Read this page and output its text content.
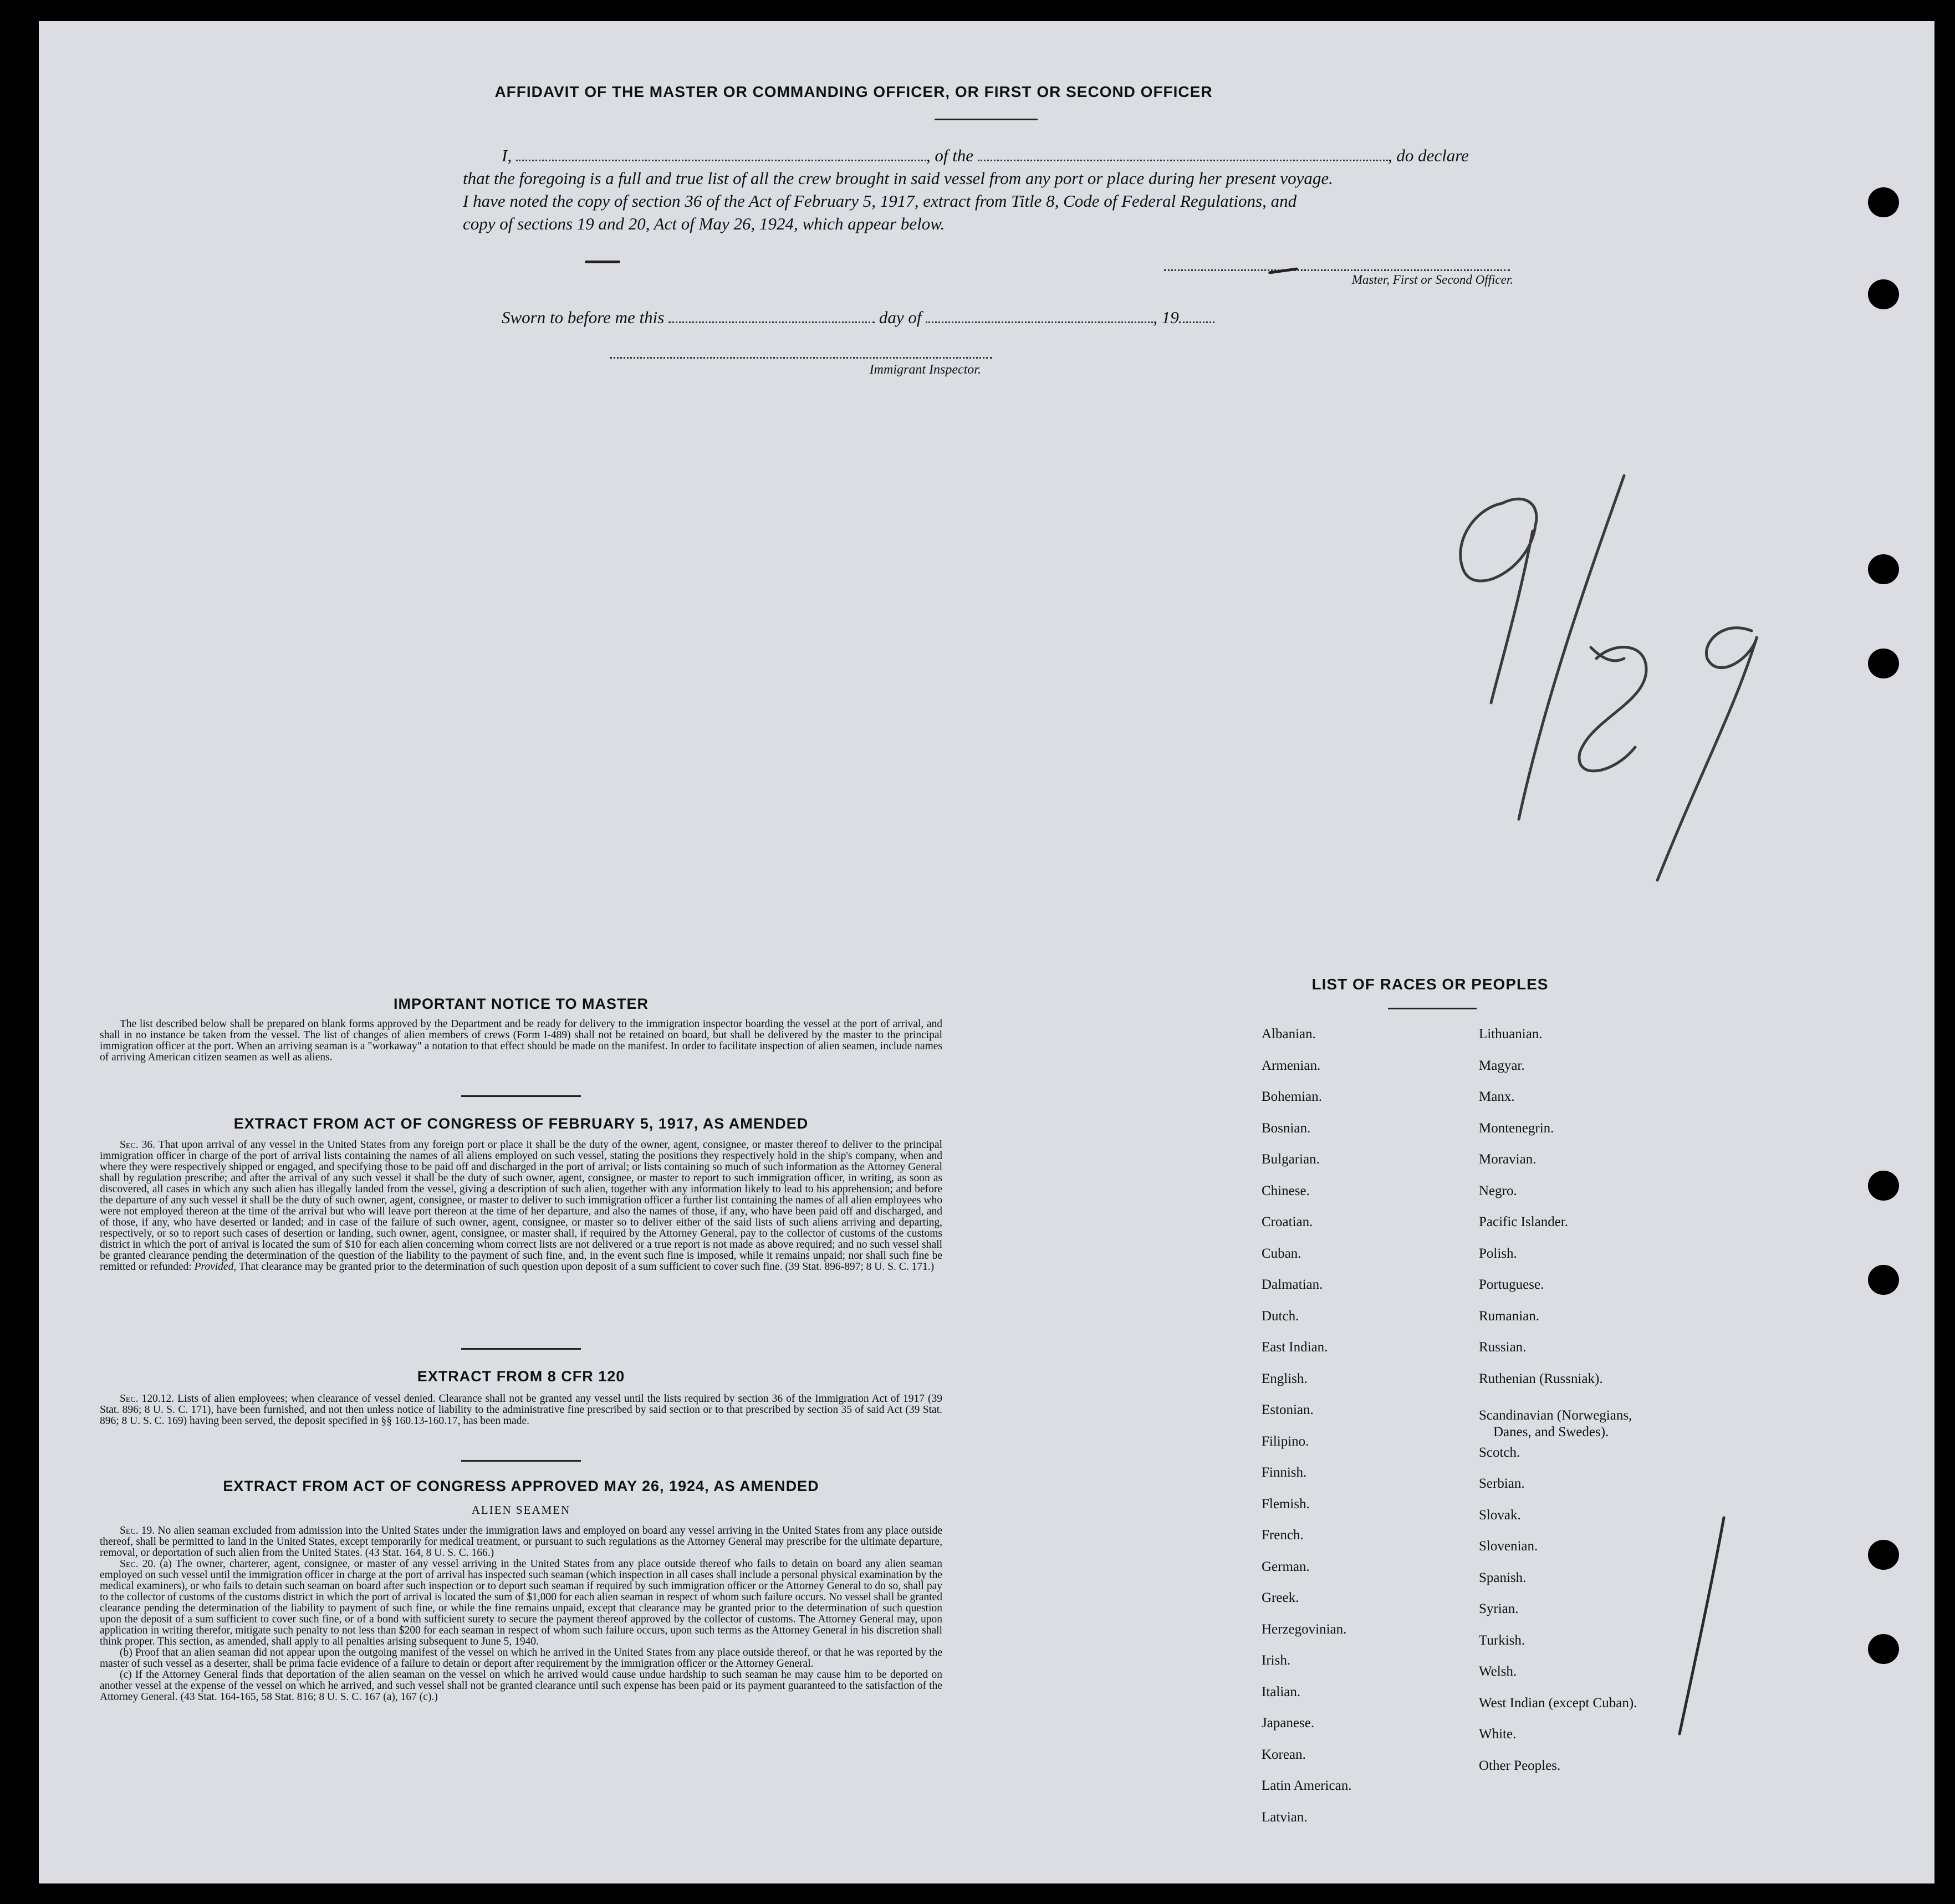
AFFIDAVIT OF THE MASTER OR COMMANDING OFFICER, OR FIRST OR SECOND OFFICER
I,	, of the	, do declare
that the foregoing is a full and true list of all the crew brought in said vessel from any port or place during her present voyage.
I have noted the copy of section 36 of the Act of February 5, 1917, extract from Title 8, Code of Federal Regulations, and
copy of sections 19 and 20, Act of May 26, 1924, which appear below.
Master, First or Second Officer.
Sworn to before me this	day of	, 19
Immigrant Inspector.
IMPORTANT NOTICE TO MASTER

The list described below shall be prepared on blank forms approved by the Department and be ready for delivery to the immigration inspector boarding the vessel at the port of arrival, and shall in no instance be taken from the vessel. The list of changes of alien members of crews (Form I-489) shall not be retained on board, but shall be delivered by the master to the principal immigration officer at the port. When an arriving seaman is a "workaway" a notation to that effect should be made on the manifest. In order to facilitate inspection of alien seamen, include names of arriving American citizen seamen as well as aliens.

EXTRACT FROM ACT OF CONGRESS OF FEBRUARY 5, 1917, AS AMENDED

Sec. 36. That upon arrival of any vessel in the United States from any foreign port or place it shall be the duty of the owner, agent, consignee, or master thereof to deliver to the principal immigration officer in charge of the port of arrival lists containing the names of all aliens employed on such vessel, stating the positions they respectively hold in the ship's company, when and where they were respectively shipped or engaged, and specifying those to be paid off and discharged in the port of arrival; or lists containing so much of such information as the Attorney General shall by regulation prescribe; and after the arrival of any such vessel it shall be the duty of such owner, agent, consignee, or master to report to such immigration officer, in writing, as soon as discovered, all cases in which any such alien has illegally landed from the vessel, giving a description of such alien, together with any information likely to lead to his apprehension; and before the departure of any such vessel it shall be the duty of such owner, agent, consignee, or master to deliver to such immigration officer a further list containing the names of all alien employees who were not employed thereon at the time of the arrival but who will leave port thereon at the time of her departure, and also the names of those, if any, who have been paid off and discharged, and of those, if any, who have deserted or landed; and in case of the failure of such owner, agent, consignee, or master so to deliver either of the said lists of such aliens arriving and departing, respectively, or so to report such cases of desertion or landing, such owner, agent, consignee, or master shall, if required by the Attorney General, pay to the collector of customs of the customs district in which the port of arrival is located the sum of $10 for each alien concerning whom correct lists are not delivered or a true report is not made as above required; and no such vessel shall be granted clearance pending the determination of the question of the liability to the payment of such fine, and, in the event such fine is imposed, while it remains unpaid; nor shall such fine be remitted or refunded: Provided, That clearance may be granted prior to the determination of such question upon deposit of a sum sufficient to cover such fine. (39 Stat. 896-897; 8 U. S. C. 171.)

EXTRACT FROM 8 CFR 120

Sec. 120.12. Lists of alien employees; when clearance of vessel denied. Clearance shall not be granted any vessel until the lists required by section 36 of the Immigration Act of 1917 (39 Stat. 896; 8 U. S. C. 171), have been furnished, and not then unless notice of liability to the administrative fine prescribed by said section or to that prescribed by section 35 of said Act (39 Stat. 896; 8 U. S. C. 169) having been served, the deposit specified in §§ 160.13-160.17, has been made.

EXTRACT FROM ACT OF CONGRESS APPROVED MAY 26, 1924, AS AMENDED
ALIEN SEAMEN

Sec. 19. No alien seaman excluded from admission into the United States under the immigration laws and employed on board any vessel arriving in the United States from any place outside thereof, shall be permitted to land in the United States, except temporarily for medical treatment, or pursuant to such regulations as the Attorney General may prescribe for the ultimate departure, removal, or deportation of such alien from the United States. (43 Stat. 164, 8 U. S. C. 166.)

Sec. 20. (a) The owner, charterer, agent, consignee, or master of any vessel arriving in the United States from any place outside thereof who fails to detain on board any alien seaman employed on such vessel until the immigration officer in charge at the port of arrival has inspected such seaman (which inspection in all cases shall include a personal physical examination by the medical examiners), or who fails to detain such seaman on board after such inspection or to deport such seaman if required by such immigration officer or the Attorney General to do so, shall pay to the collector of customs of the customs district in which the port of arrival is located the sum of $1,000 for each alien seaman in respect of whom such failure occurs. No vessel shall be granted clearance pending the determination of the liability to payment of such fine, or while the fine remains unpaid, except that clearance may be granted prior to the determination of such question upon the deposit of a sum sufficient to cover such fine, or of a bond with sufficient surety to secure the payment thereof approved by the collector of customs. The Attorney General may, upon application in writing therefor, mitigate such penalty to not less than $200 for each seaman in respect of whom such failure occurs, upon such terms as the Attorney General in his discretion shall think proper. This section, as amended, shall apply to all penalties arising subsequent to June 5, 1940.

(b) Proof that an alien seaman did not appear upon the outgoing manifest of the vessel on which he arrived in the United States from any place outside thereof, or that he was reported by the master of such vessel as a deserter, shall be prima facie evidence of a failure to detain or deport after requirement by the immigration officer or the Attorney General.

(c) If the Attorney General finds that deportation of the alien seaman on the vessel on which he arrived would cause undue hardship to such seaman he may cause him to be deported on another vessel at the expense of the vessel on which he arrived, and such vessel shall not be granted clearance until such expense has been paid or its payment guaranteed to the satisfaction of the Attorney General. (43 Stat. 164-165, 58 Stat. 816; 8 U. S. C. 167 (a), 167 (c).)

LIST OF RACES OR PEOPLES
Albanian.
Armenian.
Bohemian.
Bosnian.
Bulgarian.
Chinese.
Croatian.
Cuban.
Dalmatian.
Dutch.
East Indian.
English.
Estonian.
Filipino.
Finnish.
Flemish.
French.
German.
Greek.
Herzegovinian.
Irish.
Italian.
Japanese.
Korean.
Latin American.
Latvian.
Lithuanian.
Magyar.
Manx.
Montenegrin.
Moravian.
Negro.
Pacific Islander.
Polish.
Portuguese.
Rumanian.
Russian.
Ruthenian (Russniak).
Scandinavian (Norwegians,
Danes, and Swedes).
Scotch.
Serbian.
Slovak.
Slovenian.
Spanish.
Syrian.
Turkish.
Welsh.
West Indian (except Cuban).
White.
Other Peoples.
